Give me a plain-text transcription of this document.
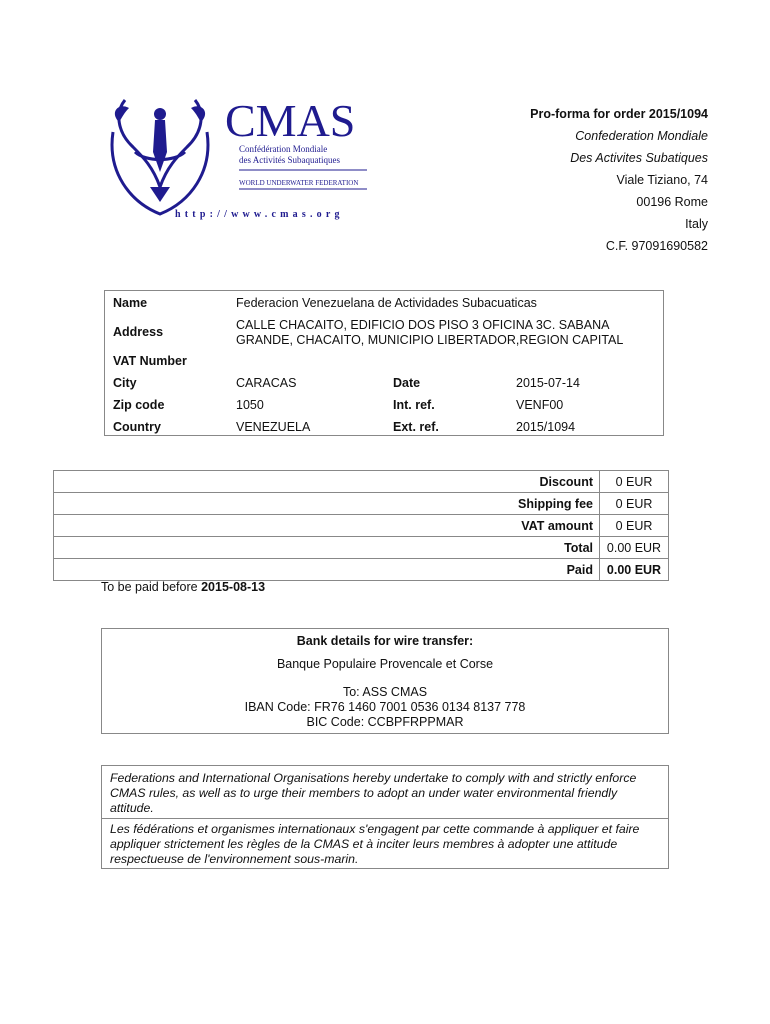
CMAS
Confédération Mondiale
des Activités Subaquatiques
WORLD UNDERWATER FEDERATION
http://www.cmas.org
Pro-forma for order 2015/1094
Confederation Mondiale
Des Activites Subatiques
Viale Tiziano, 74
00196 Rome
Italy
C.F. 97091690582
Name	Federacion Venezuelana de Actividades Subacuaticas
Address	CALLE CHACAITO, EDIFICIO DOS PISO 3 OFICINA 3C. SABANA
GRANDE, CHACAITO, MUNICIPIO LIBERTADOR,REGION CAPITAL
VAT Number
City	CARACAS	Date	2015-07-14
Zip code	1050	Int. ref.	VENF00
Country	VENEZUELA	Ext. ref.	2015/1094
Discount	0 EUR
Shipping fee	0 EUR
VAT amount	0 EUR
Total	0.00 EUR
Paid	0.00 EUR
To be paid before 2015-08-13
Bank details for wire transfer:
Banque Populaire Provencale et Corse
To: ASS CMAS
IBAN Code: FR76 1460 7001 0536 0134 8137 778
BIC Code: CCBPFRPPMAR
Federations and International Organisations hereby undertake to comply with and strictly enforce CMAS rules, as well as to urge their members to adopt an under water environmental friendly attitude.
Les fédérations et organismes internationaux s'engagent par cette commande à appliquer et faire appliquer strictement les règles de la CMAS et à inciter leurs membres à adopter une attitude respectueuse de l'environnement sous-marin.
